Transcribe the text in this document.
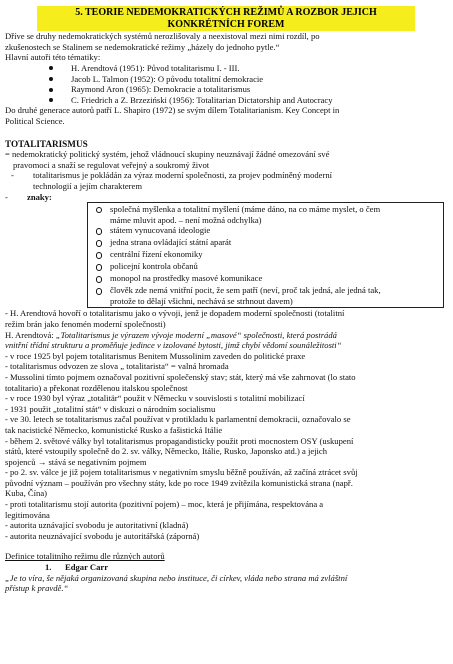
5. TEORIE NEDEMOKRATICKÝCH REŽIMŮ A ROZBOR JEJICH
KONKRÉTNÍCH FOREM

Dříve se druhy nedemokratických systémů nerozlišovaly a neexistoval mezi nimi rozdíl, po

zkušenostech se Stalinem se nedemokratické režimy „házely do jednoho pytle.“

Hlavní autoři této tématiky:

H. Arendtová (1951): Původ totalitarismu I. - III.
Jacob L. Talmon (1952): O původu totalitní demokracie
Raymond Aron (1965): Demokracie a totalitarismus
C. Friedrich a Z. Brzeziński (1956): Totalitarian Dictatorship and Autocracy

Do druhé generace autorů patří L. Shapiro (1972) se svým dílem Totalitarianism. Key Concept in

Political Science.

TOTALITARISMUS

= nedemokratický politický systém, jehož vládnoucí skupiny neuznávají žádné omezování své

pravomoci a snaží se regulovat veřejný a soukromý život

-	totalitarismus je pokládán za výraz moderní společnosti, za projev podmíněný moderní
technologií a jejím charakterem
-	znaky:
společná myšlenka a totalitní myšlení (máme dáno, na co máme myslet, o čem
máme mluvit apod. – není možná odchylka)
státem vynucovaná ideologie
jedna strana ovládající státní aparát
centrální řízení ekonomiky
policejní kontrola občanů
monopol na prostředky masové komunikace
člověk zde nemá vnitřní pocit, že sem patří (neví, proč tak jedná, ale jedná tak,
protože to dělají všichni, nechává se strhnout davem)

- H. Arendtová hovoří o totalitarismu jako o vývoji, jenž je dopadem moderní společnosti (totalitní

režim brán jako fenomén moderní společnosti)

H. Arendtová: „Totalitarismus je výrazem vývoje moderní „masové“ společnosti, která postrádá

vnitřní třídní strukturu a proměňuje jedince v izolované bytosti, jimž chybí vědomí sounáležitosti“

- v roce 1925 byl pojem totalitarismus Benitem Mussolinim zaveden do politické praxe

- totalitarismus odvozen ze slova „ totalitarista“ = valná hromada

- Mussolini tímto pojmem označoval pozitivní společenský stav; stát, který má vše zahrnovat (lo stato

totalitario) a překonat rozdělenou italskou společnost

- v roce 1930 byl výraz „totalitär“ použit v Německu v souvislosti s totalitní mobilizací

- 1931 použit „totalitní stát“ v diskuzi o národním socialismu

- ve 30. letech se totalitarismus začal používat v protikladu k parlamentní demokracii, označovalo se

tak nacistické Německo, komunistické Rusko a fašistická Itálie

- během 2. světové války byl totalitarismus propagandisticky použit proti mocnostem OSY (uskupení

států, které vstoupily společně do 2. sv. války, Německo, Itálie, Rusko, Japonsko atd.) a jejich

spojenců → stává se negativním pojmem

- po 2. sv. válce je již pojem totalitarismus v negativním smyslu běžně používán, až začíná ztrácet svůj

původní význam – používán pro všechny státy, kde po roce 1949 zvítězila komunistická strana (např.

Kuba, Čína)

- proti totalitarismu stojí autorita (pozitivní pojem) – moc, která je přijímána, respektována a

legitimována

- autorita uznávající svobodu je autoritativní (kladná)

- autorita neuznávající svobodu je autoritářská (záporná)

Definice totalitního režimu dle různých autorů

1.	Edgar Carr

„Je to víra, še nějaká organizovaná skupina nebo instituce, či církev, vláda nebo strana má zvláštní

přístup k pravdě.“
